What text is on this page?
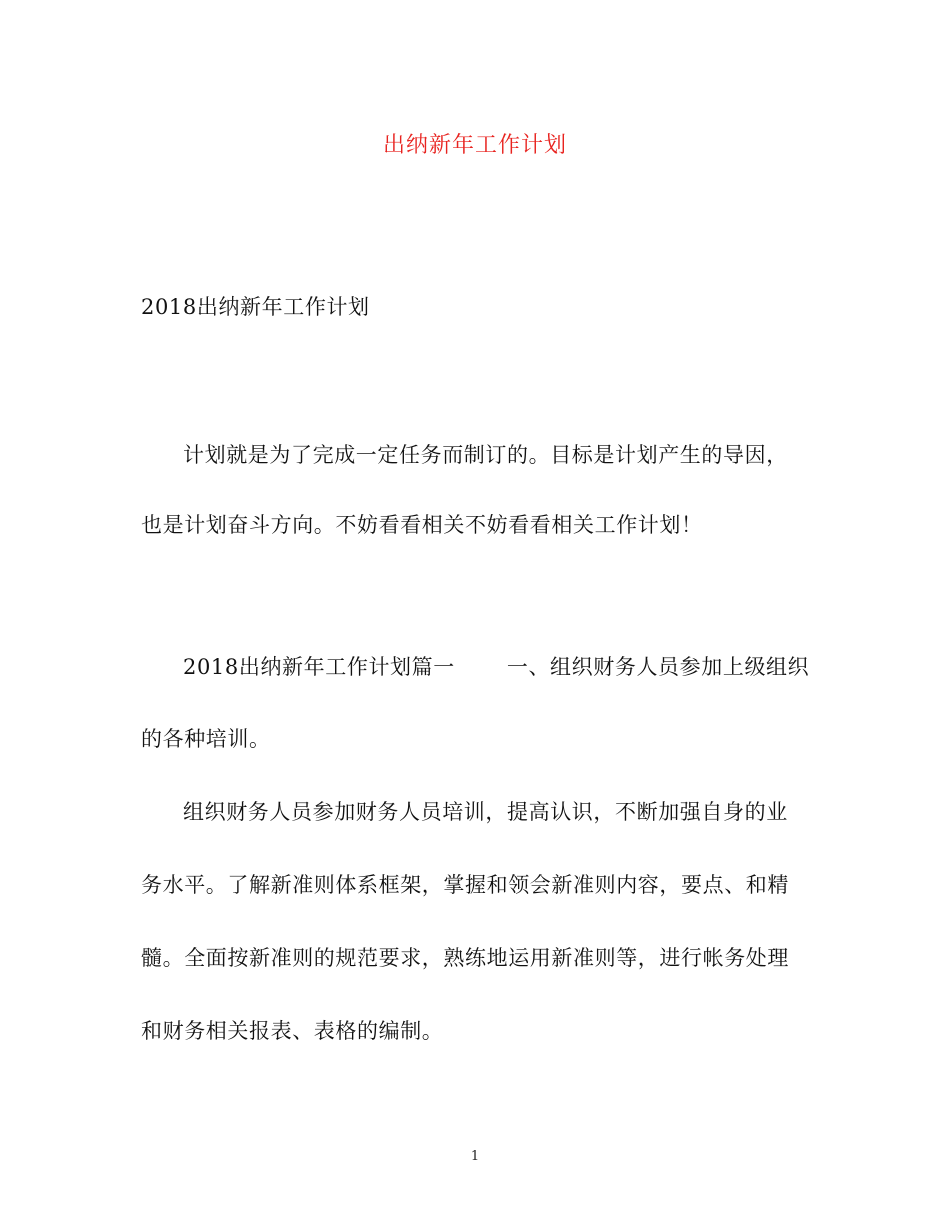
出纳新年工作计划
2018出纳新年工作计划
计划就是为了完成一定任务而制订的。目标是计划产生的导因，
也是计划奋斗方向。不妨看看相关不妨看看相关工作计划！
2018出纳新年工作计划篇一 一、组织财务人员参加上级组织
的各种培训。
组织财务人员参加财务人员培训，提高认识，不断加强自身的业
务水平。了解新准则体系框架，掌握和领会新准则内容，要点、和精
髓。全面按新准则的规范要求，熟练地运用新准则等，进行帐务处理
和财务相关报表、表格的编制。
1
